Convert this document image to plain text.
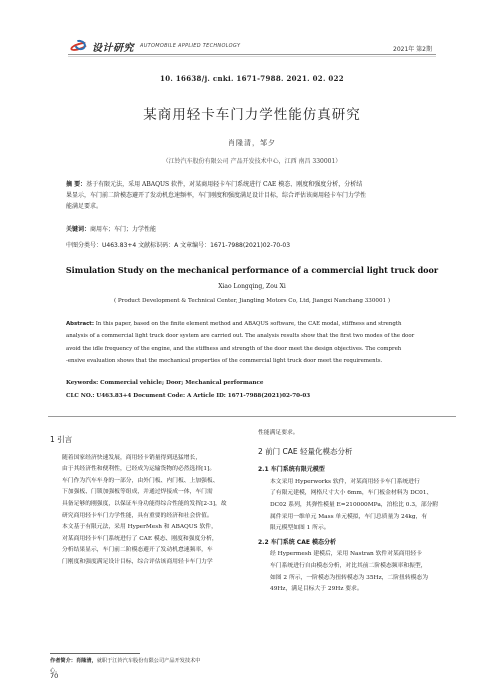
设计研究 AUTOMOBILE APPLIED TECHNOLOGY	2021年 第2期
10. 16638/j. cnki. 1671-7988. 2021. 02. 022
某商用轻卡车门力学性能仿真研究
肖隆清，邹夕
（江铃汽车股份有限公司 产品开发技术中心，江西 南昌 330001）
摘 要：基于有限元法，采用 ABAQUS 软件，对某商用轻卡车门系统进行 CAE 模态、刚度和强度分析，分析结
果显示，车门前二阶模态避开了发动机怠速频率，车门刚度和强度满足设计目标，综合评估该商用轻卡车门力学性
能满足要求。
关键词：商用车；车门；力学性能
中图分类号：U463.83+4 文献标识码：A 文章编号：1671-7988(2021)02-70-03
Simulation Study on the mechanical performance of a commercial light truck door
Xiao Longqing, Zou Xi
( Product Development & Technical Center, Jiangling Motors Co, Ltd, Jiangxi Nanchang 330001 )
Abstract: In this paper, based on the finite element method and ABAQUS software, the CAE modal, stiffness and strength
analysis of a commercial light truck door system are carried out. The analysis results show that the first two modes of the door
avoid the idle frequency of the engine, and the stiffness and strength of the door meet the design objectives. The compreh
-ensive evaluation shows that the mechanical properties of the commercial light truck door meet the requirements.
Keywords: Commercial vehicle; Door; Mechanical performance
CLC NO.: U463.83+4 Document Code: A Article ID: 1671-7988(2021)02-70-03
1 引言
随着国家经济快速发展，商用轻卡销量得到迅猛增长，
由于其经济性和便利性，已经成为运输货物的必然选择[1]。
车门作为汽车车身的一部分，由外门板、内门板、上加强板、
下加强板、门锁加强板等组成，并通过焊接成一体，车门需
具备足够的刚强度，以保证车身功能得综合性能的发挥[2-3]，故
研究商用轻卡车门力学性能，具有重要的经济和社会价值。
本文基于有限元法，采用 HyperMesh 和 ABAQUS 软件，
对某商用轻卡车门系统进行了 CAE 模态、刚度和强度分析，
分析结果显示，车门前二阶模态避开了发动机怠速频率，车
门刚度和强度满足设计目标，综合评估该商用轻卡车门力学
性能满足要求。
2 前门 CAE 轻量化模态分析
2.1 车门系统有限元模型
本文采用 Hyperworks 软件，对某商用轻卡车门系统进行
了有限元建模，网格尺寸大小 6mm，车门板金材料为 DC01、
DC02 系列，其弹性模量 E=210000MPa，泊松比 0.3，部分附
属件采用一维单元 Mass 单元模拟，车门总质量为 24kg，有
限元模型如图 1 所示。
2.2 车门系统 CAE 模态分析
经 Hypermesh 建模后，采用 Nastran 软件对某商用轻卡
车门系统进行自由模态分析，对比其前二阶模态频率和振型，
如图 2 所示，一阶模态为扭转模态为 35Hz，二阶扭转模态为
49Hz，满足目标大于 29Hz 要求。
作者简介：肖隆清，就职于江铃汽车股份有限公司产品开发技术中
心。
70
